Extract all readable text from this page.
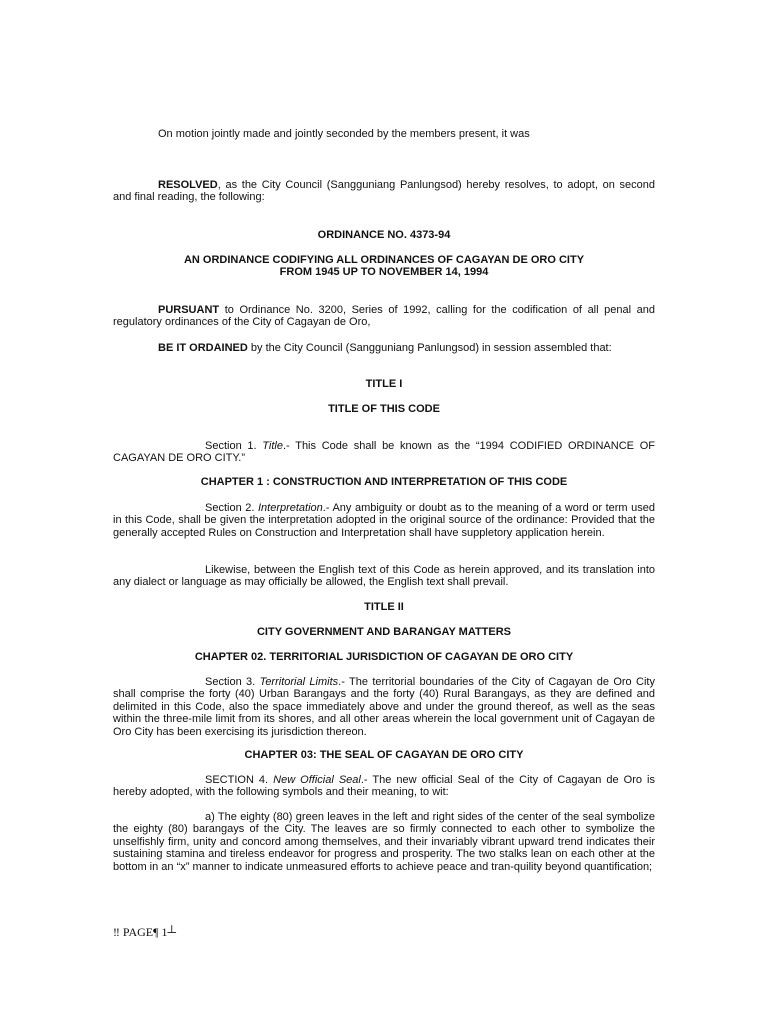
On motion jointly made and jointly seconded by the members present, it was

RESOLVED, as the City Council (Sangguniang Panlungsod) hereby resolves, to adopt, on second and final reading, the following:

ORDINANCE NO. 4373-94

AN ORDINANCE CODIFYING ALL ORDINANCES OF CAGAYAN DE ORO CITY
FROM 1945 UP TO NOVEMBER 14, 1994

PURSUANT to Ordinance No. 3200, Series of 1992, calling for the codification of all penal and regulatory ordinances of the City of Cagayan de Oro,

BE IT ORDAINED by the City Council (Sangguniang Panlungsod) in session assembled that:

TITLE I

TITLE OF THIS CODE

Section 1. Title.- This Code shall be known as the “1994 CODIFIED ORDINANCE OF CAGAYAN DE ORO CITY.”

CHAPTER 1 : CONSTRUCTION AND INTERPRETATION OF THIS CODE

Section 2. Interpretation.- Any ambiguity or doubt as to the meaning of a word or term used in this Code, shall be given the interpretation adopted in the original source of the ordinance: Provided that the generally accepted Rules on Construction and Interpretation shall have suppletory application herein.

Likewise, between the English text of this Code as herein approved, and its translation into any dialect or language as may officially be allowed, the English text shall prevail.

TITLE II

CITY GOVERNMENT AND BARANGAY MATTERS

CHAPTER 02. TERRITORIAL JURISDICTION OF CAGAYAN DE ORO CITY

Section 3. Territorial Limits.- The territorial boundaries of the City of Cagayan de Oro City shall comprise the forty (40) Urban Barangays and the forty (40) Rural Barangays, as they are defined and delimited in this Code, also the space immediately above and under the ground thereof, as well as the seas within the three-mile limit from its shores, and all other areas wherein the local government unit of Cagayan de Oro City has been exercising its jurisdiction thereon.

CHAPTER 03: THE SEAL OF CAGAYAN DE ORO CITY

SECTION 4. New Official Seal.- The new official Seal of the City of Cagayan de Oro is hereby adopted, with the following symbols and their meaning, to wit:

a) The eighty (80) green leaves in the left and right sides of the center of the seal symbolize the eighty (80) barangays of the City. The leaves are so firmly connected to each other to symbolize the unselfishly firm, unity and concord among themselves, and their invariably vibrant upward trend indicates their sustaining stamina and tireless endeavor for progress and prosperity. The two stalks lean on each other at the bottom in an “x” manner to indicate unmeasured efforts to achieve peace and tran-quility beyond quantification;

‼ PAGE¶ 1┴
